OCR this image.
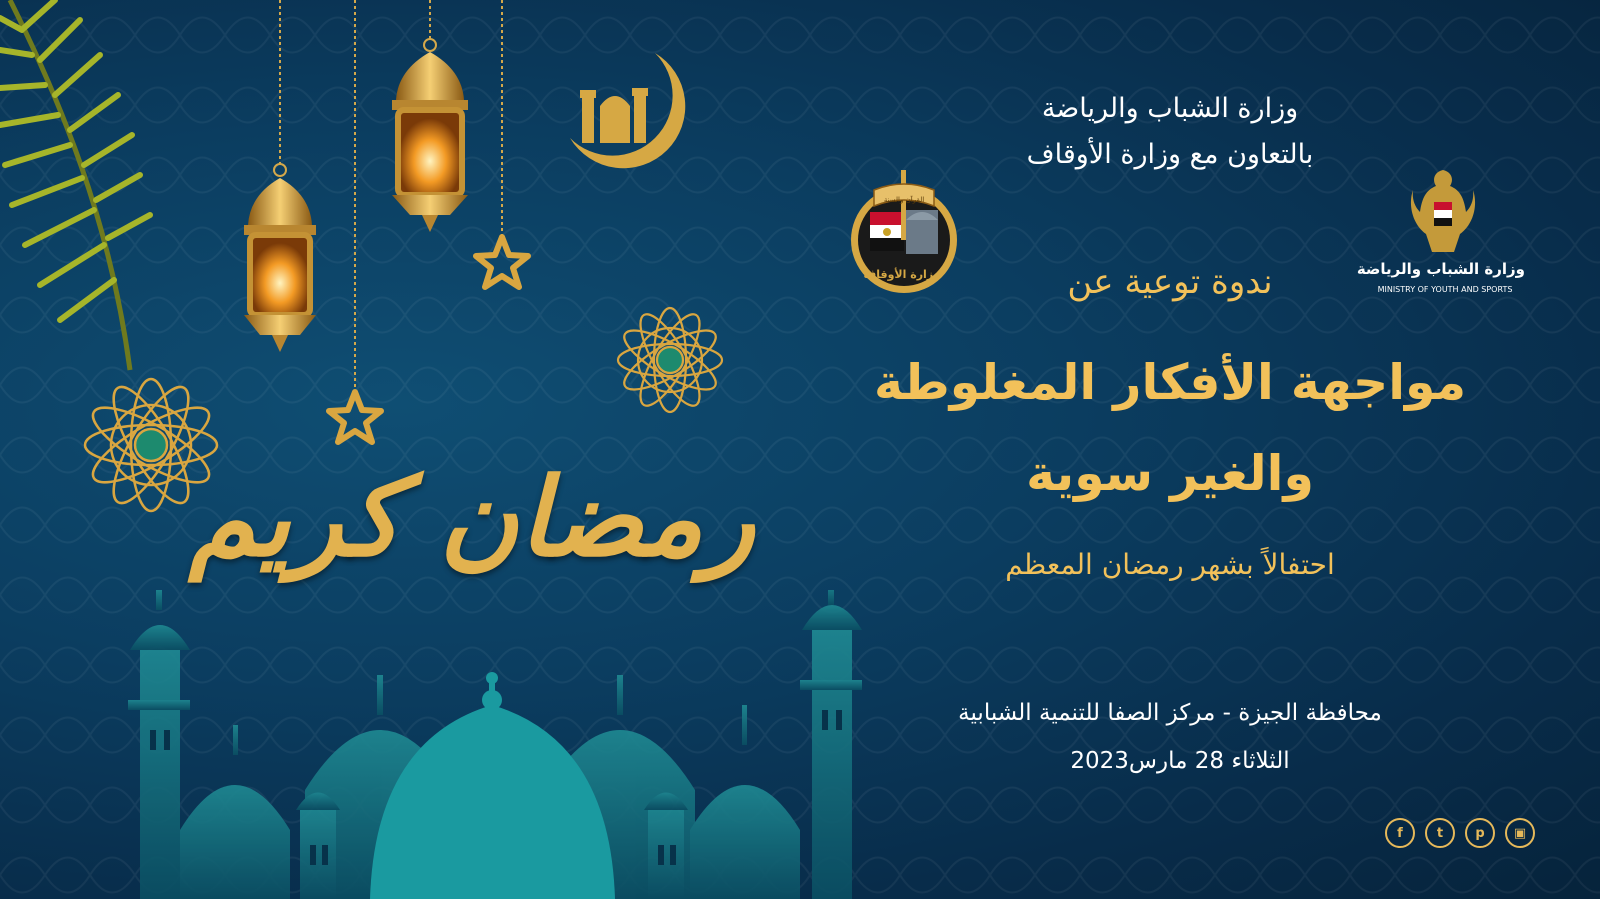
رمضان كريم
وزارة الشباب والرياضة
بالتعاون مع وزارة الأوقاف
القرآن والسنة
وزارة الأوقاف	وزارة الشباب والرياضة
MINISTRY OF YOUTH AND SPORTS
ندوة توعية عن
مواجهة الأفكار المغلوطة
والغير سوية
احتفالاً بشهر رمضان المعظم
محافظة الجيزة - مركز الصفا للتنمية الشبابية
الثلاثاء 28 مارس2023
f	t	p	▣
